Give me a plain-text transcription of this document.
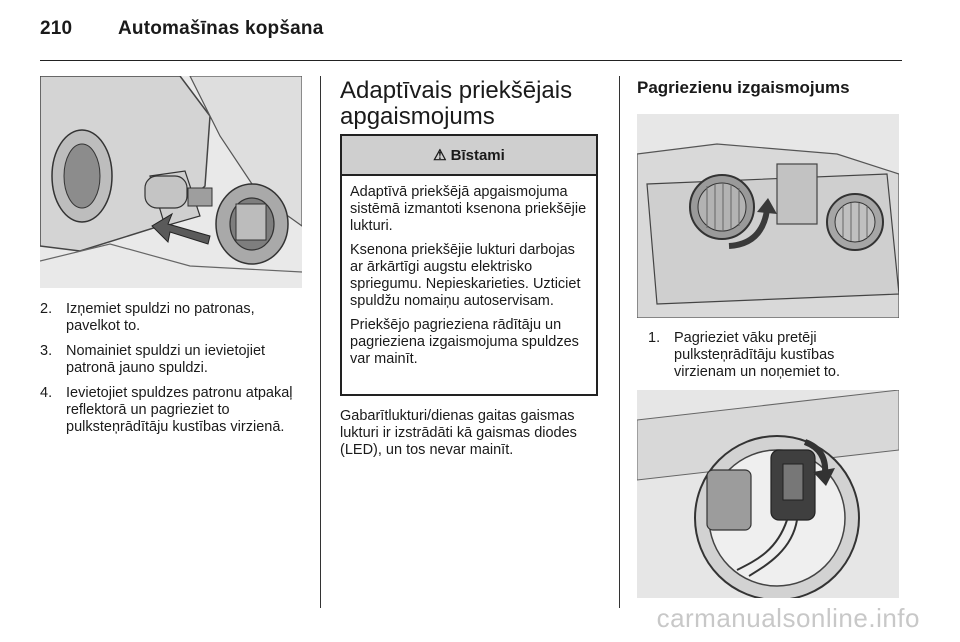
210 Automašīnas kopšana
2. Izņemiet spuldzi no patronas, pavelkot to.
3. Nomainiet spuldzi un ievietojiet patronā jauno spuldzi.
4. Ievietojiet spuldzes patronu atpakaļ reflektorā un pagrieziet to pulksteņrādītāju kustības virzienā.
Adaptīvais priekšējais apgaismojums
⚠ Bīstami

Adaptīvā priekšējā apgaismojuma sistēmā izmantoti ksenona priekšējie lukturi.

Ksenona priekšējie lukturi darbojas ar ārkārtīgi augstu elektrisko spriegumu. Nepieskarieties. Uzticiet spuldžu nomaiņu autoservisam.

Priekšējo pagrieziena rādītāju un pagrieziena izgaismojuma spuldzes var mainīt.

Gabarītlukturi/dienas gaitas gaismas lukturi ir izstrādāti kā gaismas diodes (LED), un tos nevar mainīt.

Pagriezienu izgaismojums
1. Pagrieziet vāku pretēji pulksteņrādītāju kustības virzienam un noņemiet to.
carmanualsonline.info
